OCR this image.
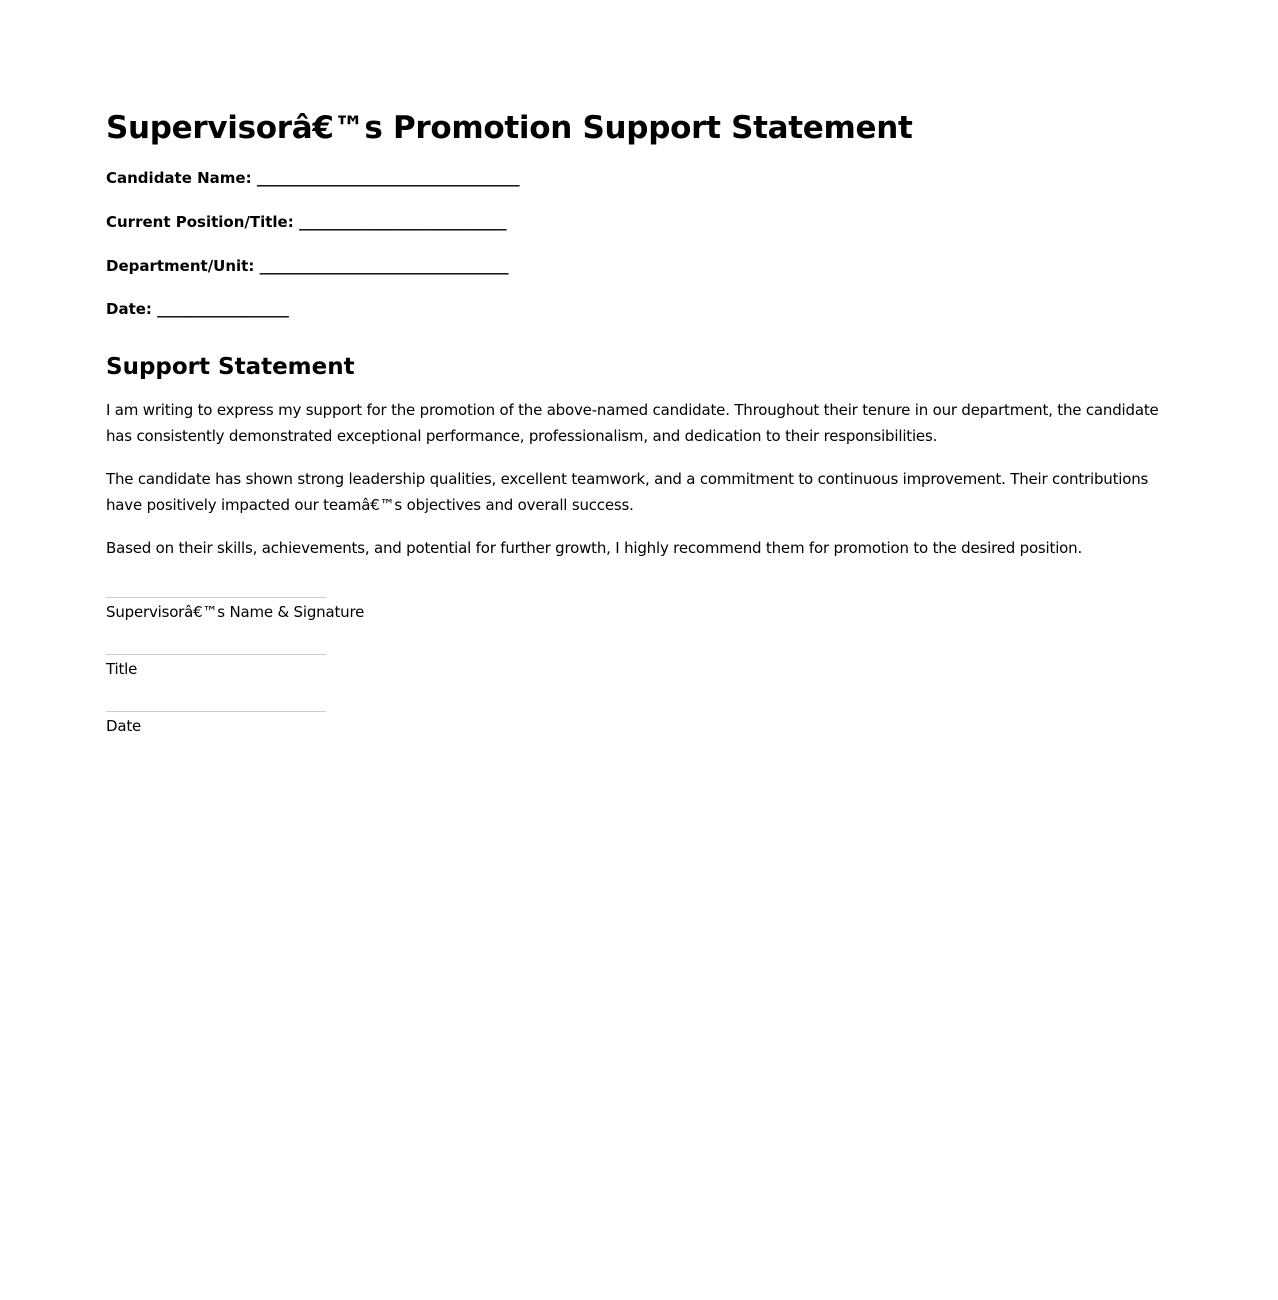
Supervisorâ€™s Promotion Support Statement

Candidate Name: ______________________________________

Current Position/Title: ______________________________

Department/Unit: ____________________________________

Date: ___________________

Support Statement

I am writing to express my support for the promotion of the above-named candidate. Throughout their tenure in our department, the candidate has consistently demonstrated exceptional performance, professionalism, and dedication to their responsibilities.

The candidate has shown strong leadership qualities, excellent teamwork, and a commitment to continuous improvement. Their contributions have positively impacted our teamâ€™s objectives and overall success.

Based on their skills, achievements, and potential for further growth, I highly recommend them for promotion to the desired position.

Supervisorâ€™s Name & Signature
Title
Date
